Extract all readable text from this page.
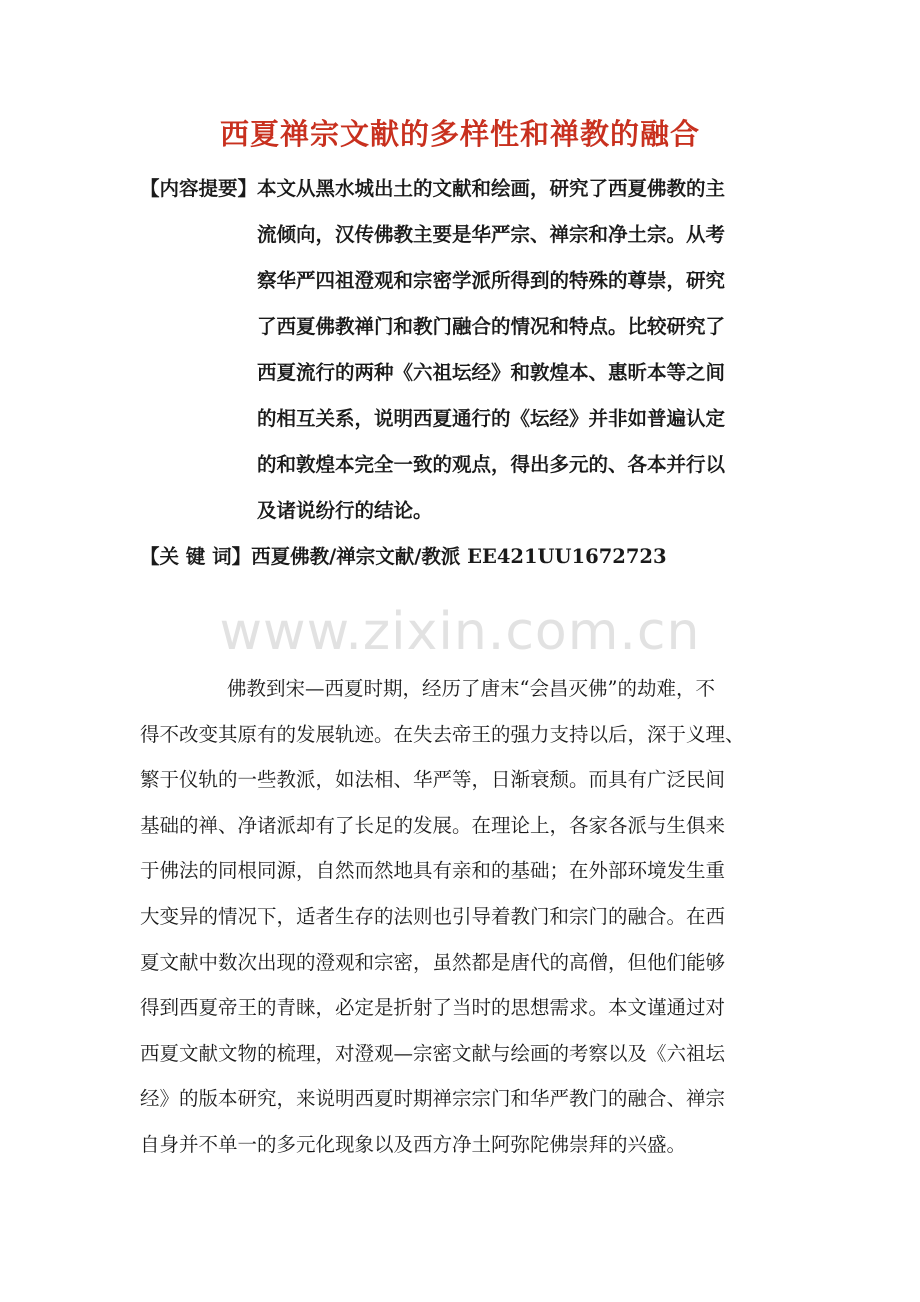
西夏禅宗文献的多样性和禅教的融合
【内容提要】 本文从黑水城出土的文献和绘画，研究了西夏佛教的主
流倾向，汉传佛教主要是华严宗、禅宗和净土宗。从考
察华严四祖澄观和宗密学派所得到的特殊的尊崇，研究
了西夏佛教禅门和教门融合的情况和特点。比较研究了
西夏流行的两种《六祖坛经》和敦煌本、惠昕本等之间
的相互关系，说明西夏通行的《坛经》并非如普遍认定
的和敦煌本完全一致的观点，得出多元的、各本并行以
及诸说纷行的结论。
【关 键 词】 西夏佛教/禅宗文献/教派 EE421UU1672723
www.zixin.com.cn
佛教到宋—西夏时期，经历了唐末“会昌灭佛”的劫难，不
得不改变其原有的发展轨迹。在失去帝王的强力支持以后，深于义理、
繁于仪轨的一些教派，如法相、华严等，日渐衰颓。而具有广泛民间
基础的禅、净诸派却有了长足的发展。在理论上，各家各派与生俱来
于佛法的同根同源，自然而然地具有亲和的基础；在外部环境发生重
大变异的情况下，适者生存的法则也引导着教门和宗门的融合。在西
夏文献中数次出现的澄观和宗密，虽然都是唐代的高僧，但他们能够
得到西夏帝王的青睐，必定是折射了当时的思想需求。本文谨通过对
西夏文献文物的梳理，对澄观—宗密文献与绘画的考察以及《六祖坛
经》的版本研究，来说明西夏时期禅宗宗门和华严教门的融合、禅宗
自身并不单一的多元化现象以及西方净土阿弥陀佛崇拜的兴盛。
